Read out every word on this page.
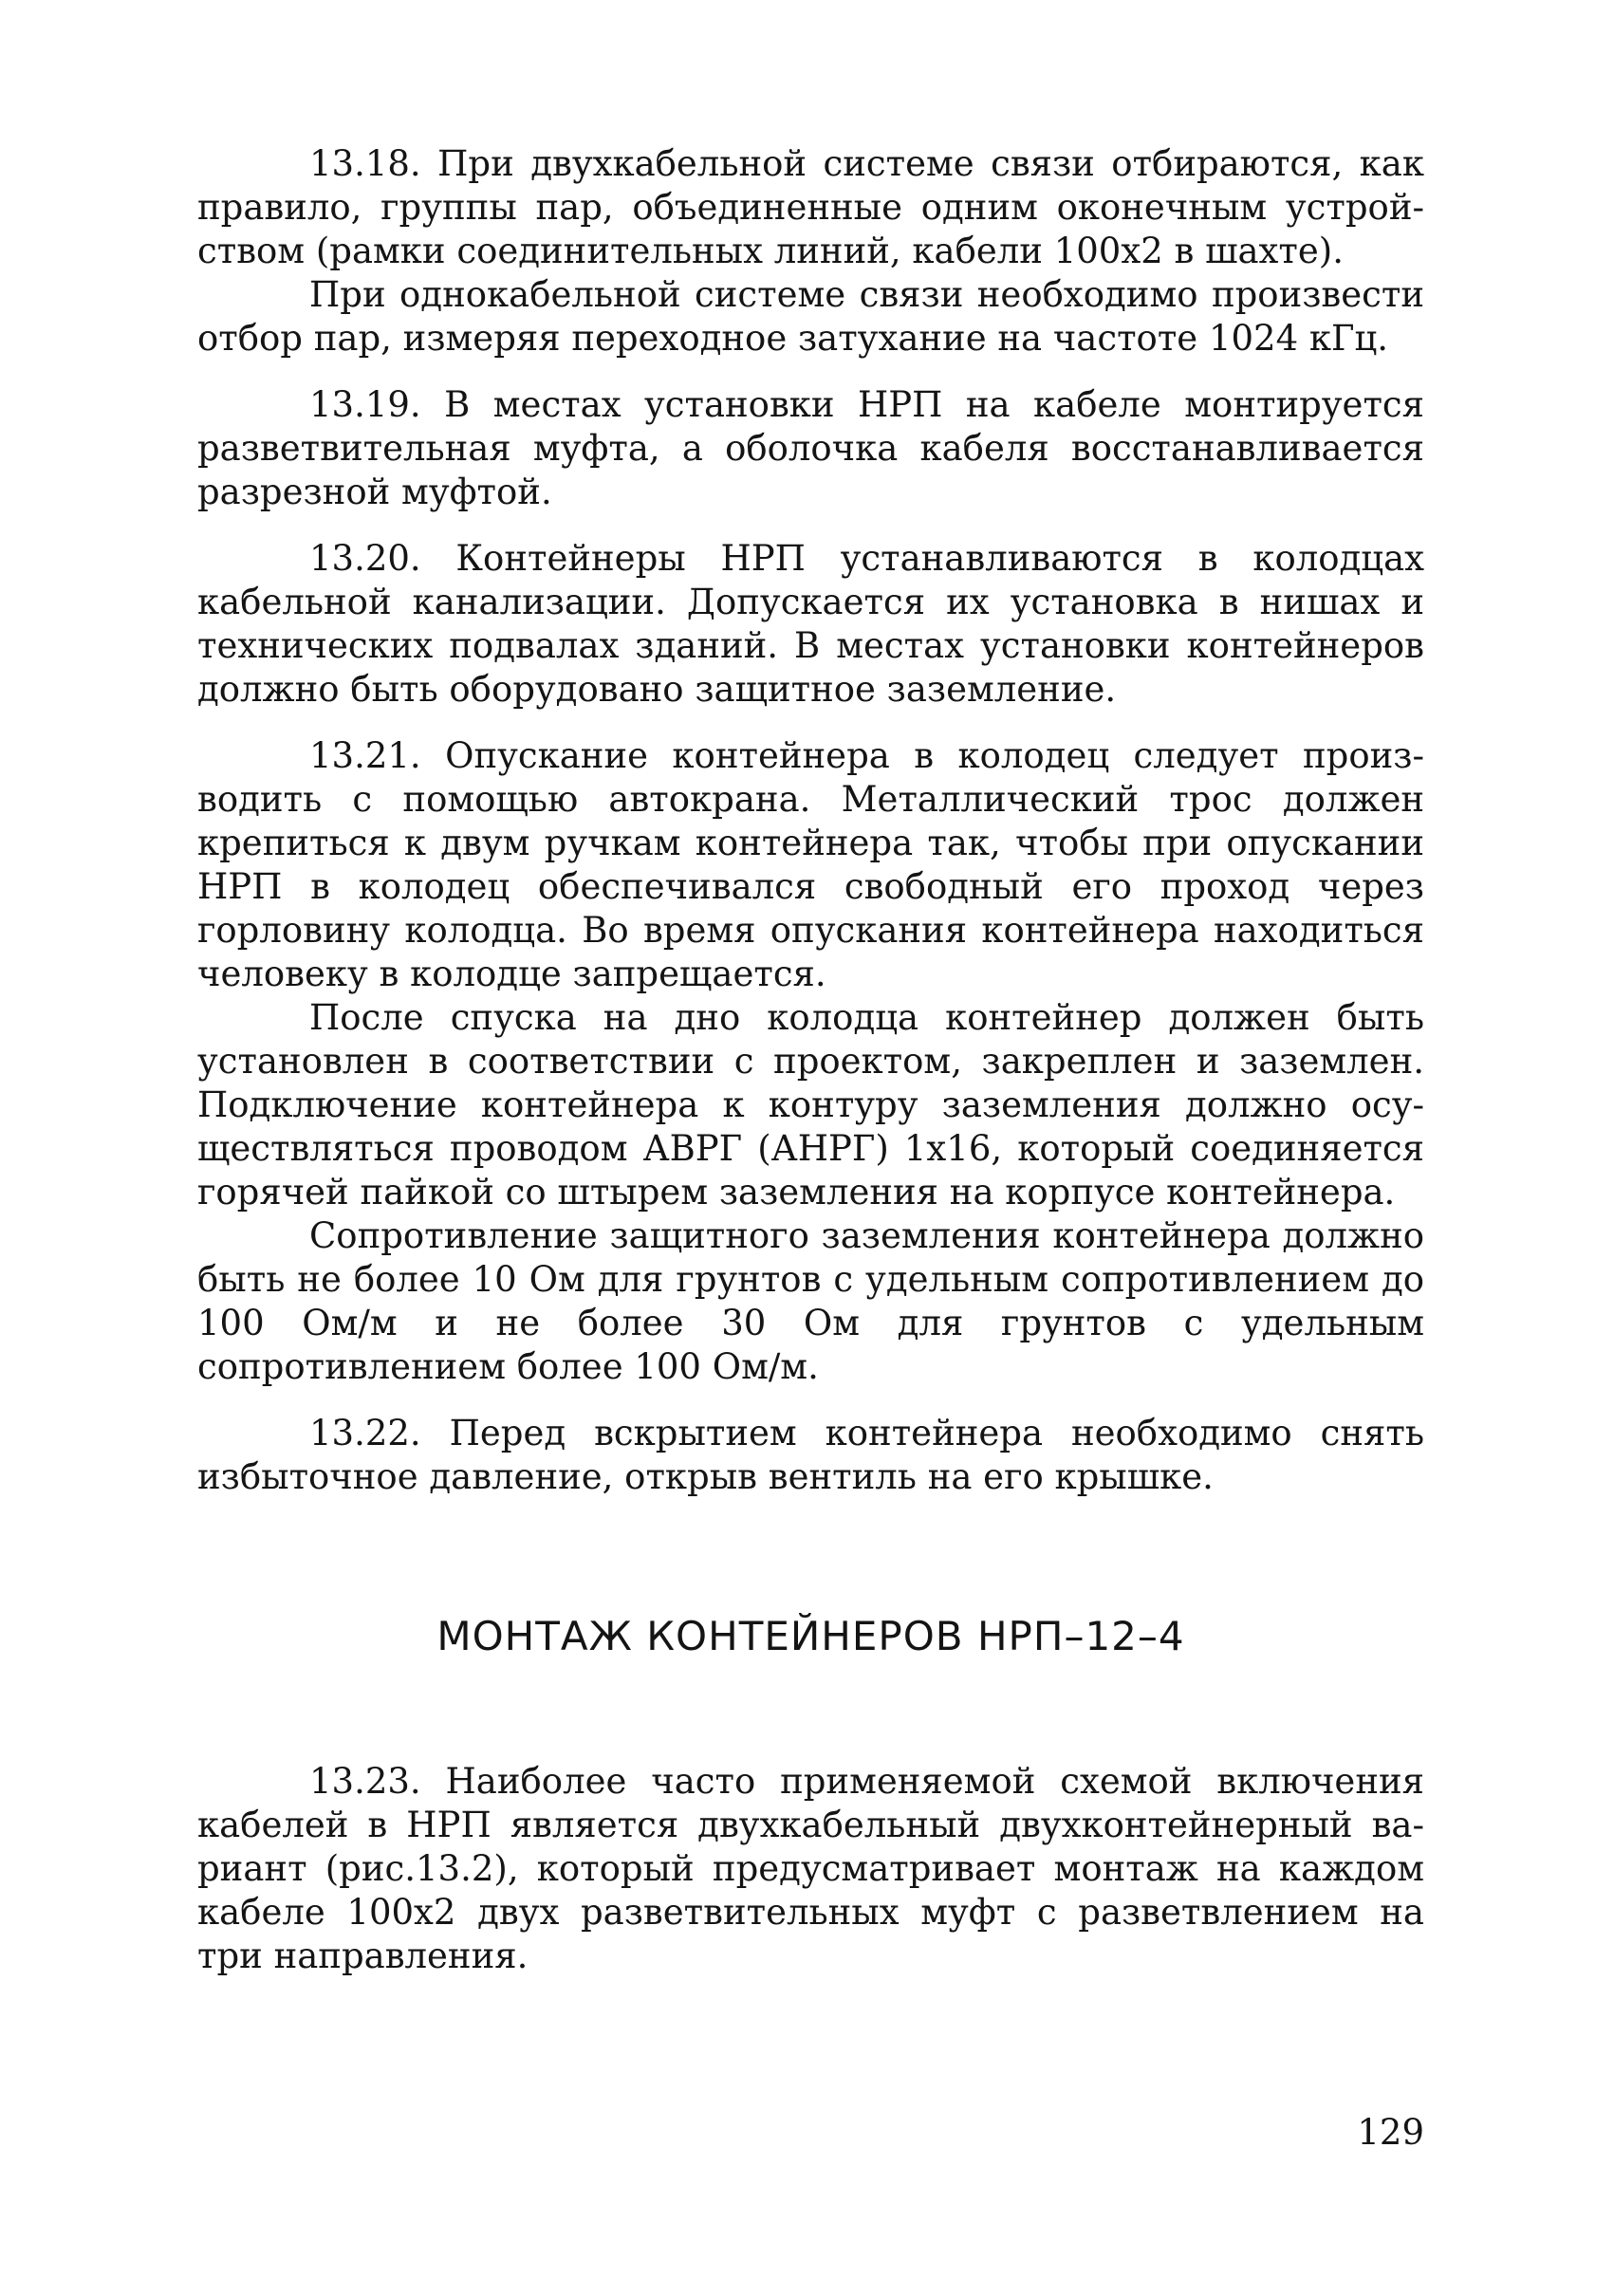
13.18. При двухкабельной системе связи отбираются, как правило, группы пар, объединенные одним оконечным устройством (рамки соединительных линий, кабели 100х2 в шахте).

При однокабельной системе связи необходимо произвести отбор пар, измеряя переходное затухание на частоте 1024 кГц.

13.19. В местах установки НРП на кабеле монтируется разветвительная муфта, а оболочка кабеля восстанавливается разрезной муфтой.

13.20. Контейнеры НРП устанавливаются в колодцах кабельной канализации. Допускается их установка в нишах и технических подвалах зданий. В местах установки контейнеров должно быть оборудовано защитное заземление.

13.21. Опускание контейнера в колодец следует производить с помощью автокрана. Металлический трос должен крепиться к двум ручкам контейнера так, чтобы при опускании НРП в колодец обеспечивался свободный его проход через горловину колодца. Во время опускания контейнера находиться человеку в колодце запрещается.

После спуска на дно колодца контейнер должен быть установлен в соответствии с проектом, закреплен и заземлен. Подключение контейнера к контуру заземления должно осуществляться проводом АВРГ (АНРГ) 1х16, который соединяется горячей пайкой со штырем заземления на корпусе контейнера.

Сопротивление защитного заземления контейнера должно быть не более 10 Ом для грунтов с удельным сопротивлением до 100 Ом/м и не более 30 Ом для грунтов с удельным сопротивлением более 100 Ом/м.

13.22. Перед вскрытием контейнера необходимо снять избыточное давление, открыв вентиль на его крышке.

МОНТАЖ КОНТЕЙНЕРОВ НРП–12–4

13.23. Наиболее часто применяемой схемой включения кабелей в НРП является двухкабельный двухконтейнерный вариант (рис.13.2), который предусматривает монтаж на каждом кабеле 100х2 двух разветвительных муфт с разветвлением на три направления.

129
